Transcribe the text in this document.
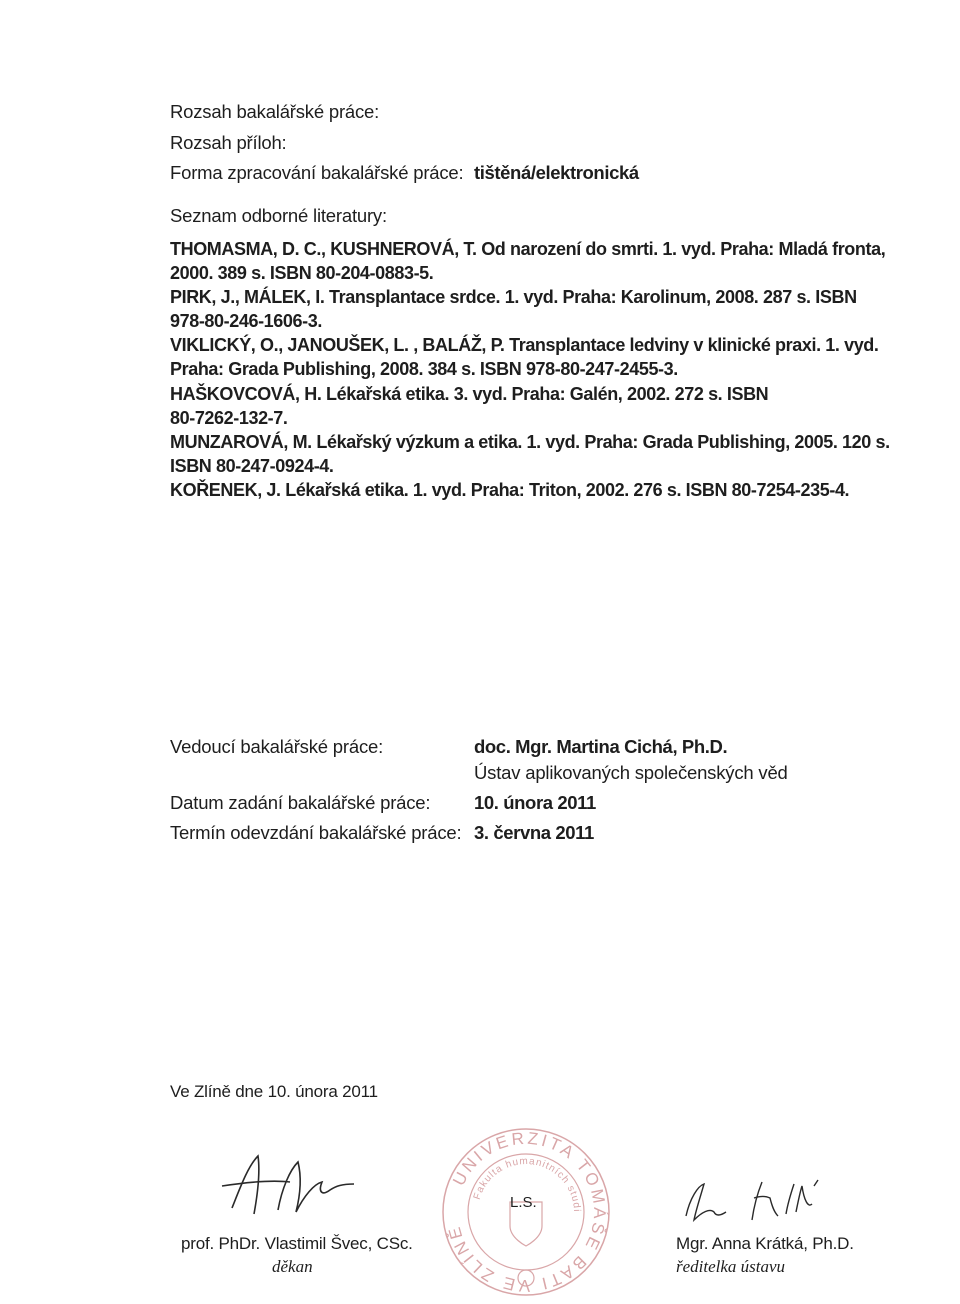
Rozsah bakalářské práce:
Rozsah příloh:
Forma zpracování bakalářské práce: tištěná/elektronická
Seznam odborné literatury:
THOMASMA, D. C., KUSHNEROVÁ, T. Od narození do smrti. 1. vyd. Praha: Mladá fronta,
2000. 389 s. ISBN 80-204-0883-5.
PIRK, J., MÁLEK, I. Transplantace srdce. 1. vyd. Praha: Karolinum, 2008. 287 s. ISBN
978-80-246-1606-3.
VIKLICKÝ, O., JANOUŠEK, L. , BALÁŽ, P. Transplantace ledviny v klinické praxi. 1. vyd.
Praha: Grada Publishing, 2008. 384 s. ISBN 978-80-247-2455-3.
HAŠKOVCOVÁ, H. Lékařská etika. 3. vyd. Praha: Galén, 2002. 272 s. ISBN
80-7262-132-7.
MUNZAROVÁ, M. Lékařský výzkum a etika. 1. vyd. Praha: Grada Publishing, 2005. 120 s.
ISBN 80-247-0924-4.
KOŘENEK, J. Lékařská etika. 1. vyd. Praha: Triton, 2002. 276 s. ISBN 80-7254-235-4.
Vedoucí bakalářské práce:	doc. Mgr. Martina Cichá, Ph.D.
Ústav aplikovaných společenských věd
Datum zadání bakalářské práce: 10. února 2011
Termín odevzdání bakalářské práce: 3. června 2011
Ve Zlíně dne 10. února 2011
prof. PhDr. Vlastimil Švec, CSc.
děkan
UNIVERZITA TOMÁŠE BATI VE ZLÍNĚ
Fakulta humanitních studi
L.S.
Mgr. Anna Krátká, Ph.D.
ředitelka ústavu
